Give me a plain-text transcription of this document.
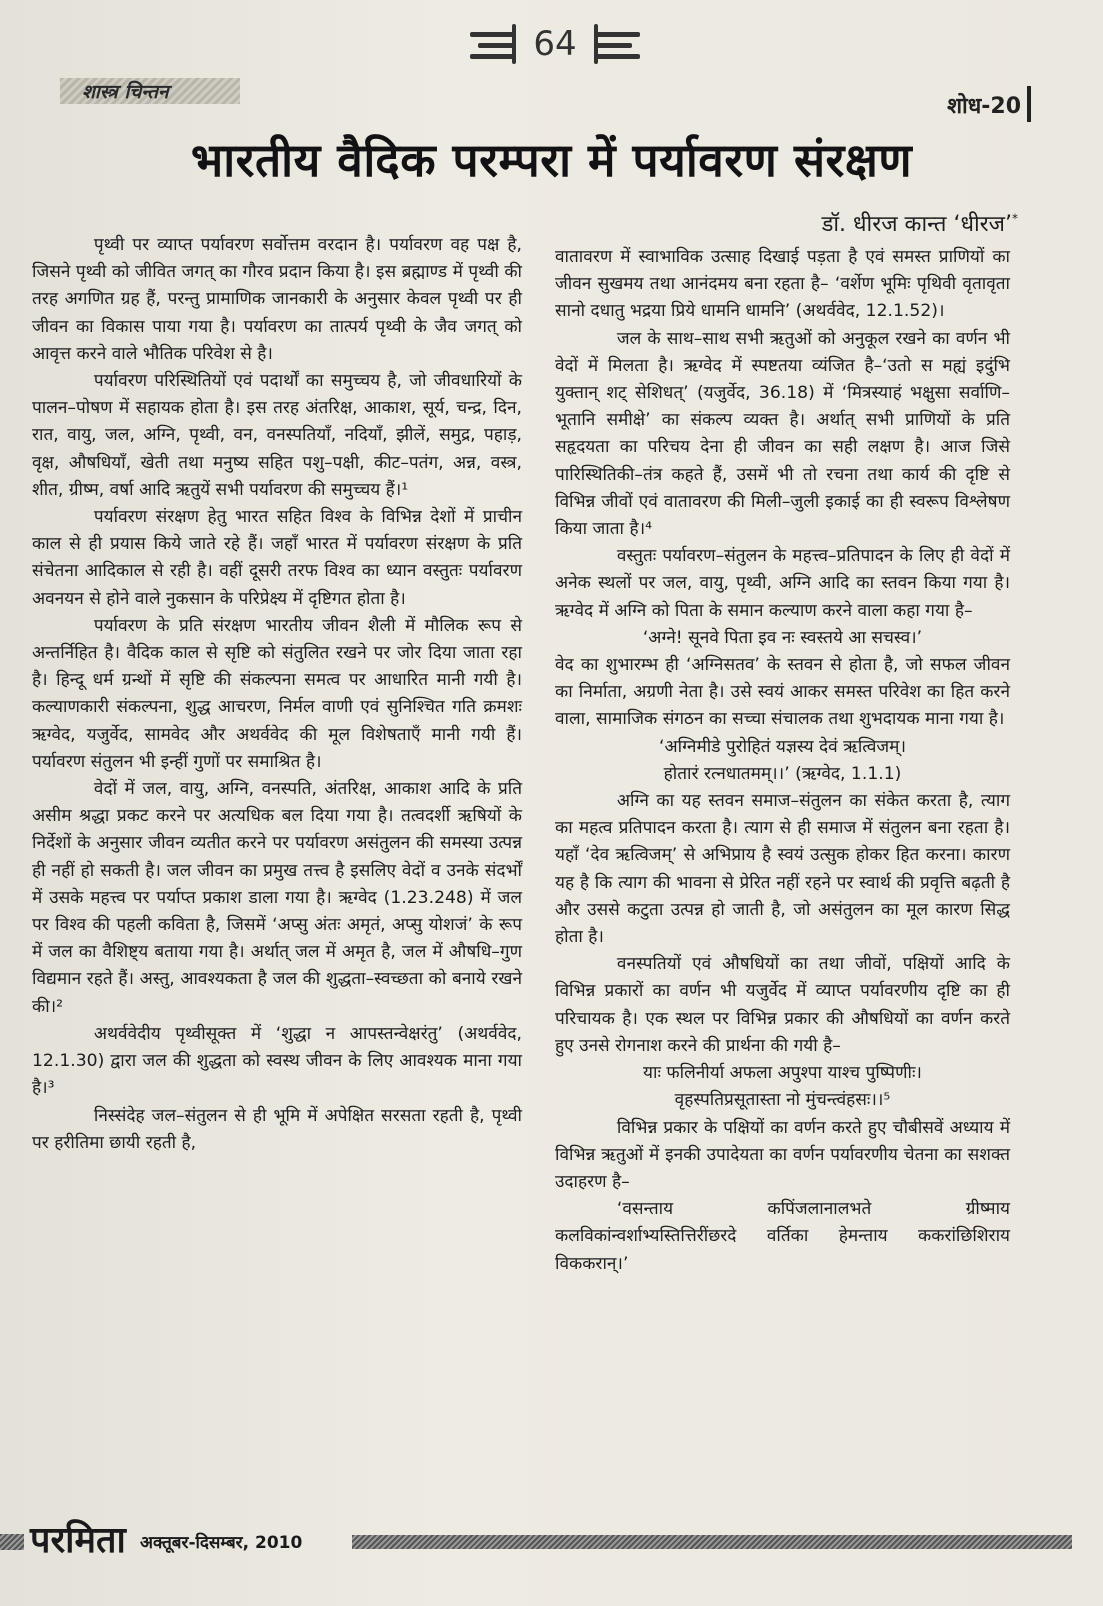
64
शास्त्र चिन्तन
शोध-20
भारतीय वैदिक परम्परा में पर्यावरण संरक्षण
डॉ. धीरज कान्त ‘धीरज’*

पृथ्वी पर व्याप्त पर्यावरण सर्वोत्तम वरदान है। पर्यावरण वह पक्ष है, जिसने पृथ्वी को जीवित जगत् का गौरव प्रदान किया है। इस ब्रह्माण्ड में पृथ्वी की तरह अगणित ग्रह हैं, परन्तु प्रामाणिक जानकारी के अनुसार केवल पृथ्वी पर ही जीवन का विकास पाया गया है। पर्यावरण का तात्पर्य पृथ्वी के जैव जगत् को आवृत्त करने वाले भौतिक परिवेश से है।

पर्यावरण परिस्थितियों एवं पदार्थों का समुच्चय है, जो जीवधारियों के पालन–पोषण में सहायक होता है। इस तरह अंतरिक्ष, आकाश, सूर्य, चन्द्र, दिन, रात, वायु, जल, अग्नि, पृथ्वी, वन, वनस्पतियाँ, नदियाँ, झीलें, समुद्र, पहाड़, वृक्ष, औषधियाँ, खेती तथा मनुष्य सहित पशु–पक्षी, कीट–पतंग, अन्न, वस्त्र, शीत, ग्रीष्म, वर्षा आदि ऋतुयें सभी पर्यावरण की समुच्चय हैं।¹

पर्यावरण संरक्षण हेतु भारत सहित विश्व के विभिन्न देशों में प्राचीन काल से ही प्रयास किये जाते रहे हैं। जहाँ भारत में पर्यावरण संरक्षण के प्रति संचेतना आदिकाल से रही है। वहीं दूसरी तरफ विश्व का ध्यान वस्तुतः पर्यावरण अवनयन से होने वाले नुकसान के परिप्रेक्ष्य में दृष्टिगत होता है।

पर्यावरण के प्रति संरक्षण भारतीय जीवन शैली में मौलिक रूप से अन्तर्निहित है। वैदिक काल से सृष्टि को संतुलित रखने पर जोर दिया जाता रहा है। हिन्दू धर्म ग्रन्थों में सृष्टि की संकल्पना समत्व पर आधारित मानी गयी है। कल्याणकारी संकल्पना, शुद्ध आचरण, निर्मल वाणी एवं सुनिश्चित गति क्रमशः ऋग्वेद, यजुर्वेद, सामवेद और अथर्ववेद की मूल विशेषताएँ मानी गयी हैं। पर्यावरण संतुलन भी इन्हीं गुणों पर समाश्रित है।

वेदों में जल, वायु, अग्नि, वनस्पति, अंतरिक्ष, आकाश आदि के प्रति असीम श्रद्धा प्रकट करने पर अत्यधिक बल दिया गया है। तत्वदर्शी ऋषियों के निर्देशों के अनुसार जीवन व्यतीत करने पर पर्यावरण असंतुलन की समस्या उत्पन्न ही नहीं हो सकती है। जल जीवन का प्रमुख तत्त्व है इसलिए वेदों व उनके संदर्भों में उसके महत्त्व पर पर्याप्त प्रकाश डाला गया है। ऋग्वेद (1.23.248) में जल पर विश्व की पहली कविता है, जिसमें ‘अप्सु अंतः अमृतं, अप्सु योशजं’ के रूप में जल का वैशिष्ट्य बताया गया है। अर्थात् जल में अमृत है, जल में औषधि–गुण विद्यमान रहते हैं। अस्तु, आवश्यकता है जल की शुद्धता–स्वच्छता को बनाये रखने की।²

अथर्ववेदीय पृथ्वीसूक्त में ‘शुद्धा न आपस्तन्वेक्षरंतु’ (अथर्ववेद, 12.1.30) द्वारा जल की शुद्धता को स्वस्थ जीवन के लिए आवश्यक माना गया है।³

निस्संदेह जल–संतुलन से ही भूमि में अपेक्षित सरसता रहती है, पृथ्वी पर हरीतिमा छायी रहती है,

वातावरण में स्वाभाविक उत्साह दिखाई पड़ता है एवं समस्त प्राणियों का जीवन सुखमय तथा आनंदमय बना रहता है– ‘वर्शेण भूमिः पृथिवी वृतावृता सानो दधातु भद्रया प्रिये धामनि धामनि’ (अथर्ववेद, 12.1.52)।

जल के साथ–साथ सभी ऋतुओं को अनुकूल रखने का वर्णन भी वेदों में मिलता है। ऋग्वेद में स्पष्टतया व्यंजित है–‘उतो स मह्यं इदुंभि युक्तान् शट् सेशिधत्’ (यजुर्वेद, 36.18) में ‘मित्रस्याहं भक्षुसा सर्वाणि–भूतानि समीक्षे’ का संकल्प व्यक्त है। अर्थात् सभी प्राणियों के प्रति सहृदयता का परिचय देना ही जीवन का सही लक्षण है। आज जिसे पारिस्थितिकी–तंत्र कहते हैं, उसमें भी तो रचना तथा कार्य की दृष्टि से विभिन्न जीवों एवं वातावरण की मिली–जुली इकाई का ही स्वरूप विश्लेषण किया जाता है।⁴

वस्तुतः पर्यावरण–संतुलन के महत्त्व–प्रतिपादन के लिए ही वेदों में अनेक स्थलों पर जल, वायु, पृथ्वी, अग्नि आदि का स्तवन किया गया है। ऋग्वेद में अग्नि को पिता के समान कल्याण करने वाला कहा गया है–

‘अग्ने! सूनवे पिता इव नः स्वस्तये आ सचस्व।’

वेद का शुभारम्भ ही ‘अग्निसतव’ के स्तवन से होता है, जो सफल जीवन का निर्माता, अग्रणी नेता है। उसे स्वयं आकर समस्त परिवेश का हित करने वाला, सामाजिक संगठन का सच्चा संचालक तथा शुभदायक माना गया है।

‘अग्निमीडे पुरोहितं यज्ञस्य देवं ऋत्विजम्।

होतारं रत्नधातमम्।।’ (ऋग्वेद, 1.1.1)

अग्नि का यह स्तवन समाज–संतुलन का संकेत करता है, त्याग का महत्व प्रतिपादन करता है। त्याग से ही समाज में संतुलन बना रहता है। यहाँ ‘देव ऋत्विजम्’ से अभिप्राय है स्वयं उत्सुक होकर हित करना। कारण यह है कि त्याग की भावना से प्रेरित नहीं रहने पर स्वार्थ की प्रवृत्ति बढ़ती है और उससे कटुता उत्पन्न हो जाती है, जो असंतुलन का मूल कारण सिद्ध होता है।

वनस्पतियों एवं औषधियों का तथा जीवों, पक्षियों आदि के विभिन्न प्रकारों का वर्णन भी यजुर्वेद में व्याप्त पर्यावरणीय दृष्टि का ही परिचायक है। एक स्थल पर विभिन्न प्रकार की औषधियों का वर्णन करते हुए उनसे रोगनाश करने की प्रार्थना की गयी है–

याः फलिनीर्या अफला अपुश्पा याश्च पुष्पिणीः।

वृहस्पतिप्रसूतास्ता नो मुंचन्त्वंहसः।।⁵

विभिन्न प्रकार के पक्षियों का वर्णन करते हुए चौबीसवें अध्याय में विभिन्न ऋतुओं में इनकी उपादेयता का वर्णन पर्यावरणीय चेतना का सशक्त उदाहरण है–

‘वसन्ताय कपिंजलानालभते ग्रीष्माय कलविकांन्वर्शाभ्यस्तित्तिरींछरदे वर्तिका हेमन्ताय ककरांछिशिराय विककरान्।’

परमिता अक्तूबर-दिसम्बर, 2010
